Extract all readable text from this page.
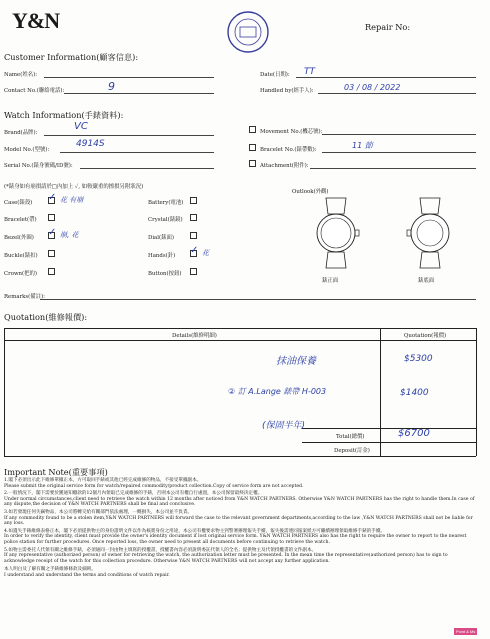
Y&N	Repair No:
Customer Information(顧客信息):
Name(姓名):
Contact No.(聯絡電話):	9
Date(日期): TT
Handled by(經手人):	03 / 08 / 2022
Watch Information(手錶資料):
Brand(品牌):
VC
Model No.(型號):
4914S
Serial No.(錶身號碼/ID號):
Movement No.(機芯號):
Bracelet No.(錶帶數):	11 節
Attachment(附件):
(*錶身如有崩損請於□內加上 ✓, 如較嚴重的擦損另附狀況)
Case(錶殼) ✓ 花 有崩
Bracelet(帶)
Bezel(外圈) ✓ 崩, 花
Buckle(錶扣)
Crown(把的)
Battery(電池)
Crystal(錶鏡)
Dial(錶面)
Hands(針) ✓ 花
Button(按鈕)
Outlook(外觀)
錶正面	錶底面
Remarks(備註):
Quotation(維修報價):
Details(維修明細)	Quotation(報價)
抹油保養	$5300
② 訂 A.Lange 錶帶 H-003	$1400
(保固半年)
Total(總價)	$6700
Deposit(訂金)
Important Note(重要事項)
1.閣下必須出示此下維修單據正本，方可取回手錶或其他已經完成維修的物品，不接受單據副本。
Please submit the original service form for watch/repaired commodity/product collection.Copy of service form are not accepted.
2.一般情況下，閣下需要於獲通知繳款的12個月內領取已完成維修的手錶，否則本公司有權自行處置，本公司保留最終決定權。
Under normal circumstances,client need to retrieve the watch within 12 months after noticed from Y&N WATCH PARTNERS. Otherwise Y&N WATCH PARTNERS has the right to handle them.In case of any dispute,the decision of Y&N WATCH PARTNERS shall be final and conclusive.
3.如若發現任何失竊物品，本公司將轉交給有關部門依法處理，一概損失，本公司並不負責。
If any commodity found to be a stolen item,Y&N WATCH PARTNERS will forward the case to the relevant government departments,according to the law ,Y&N WATCH PARTNERS shall not be liable for any loss.
4.如遺失手錶維修表格正本，閣下必須提供物主的身份證明文件以作為核實身份之用途，本公司有權要求物主到警署辦理報失手續，報失後需連同報案紙方可繼續辦理領取維修手錶的手續。
In order to verify the identity, client must provide the owner's identity document if lost original service form. Y&N WATCH PARTNERS also has the right to require the owner to report to the nearest police station for further procedures. Once reported loss, the owner need to present all documents before continuing to retrieve the watch.
5.如物主需委托人代領有關之維修手錶，必須通同一封由物主填寫的授權書，授權書內容必須說明委託代領人的全名；提供物主及代領授權書的文件副本。
If any representative (authorized person) of owner for retrieving the watch, the authorization letter must be presented. In the mean time the representative(authorized person) has to sign to acknowledge receipt of the watch for this collection procedure. Otherwise Y&N WATCH PARTNERS will not accept any further application.
本人明白及了解有關之手錶維修條款及細則。
I understand and understand the terms and conditions of watch repair.
Point & Ms
